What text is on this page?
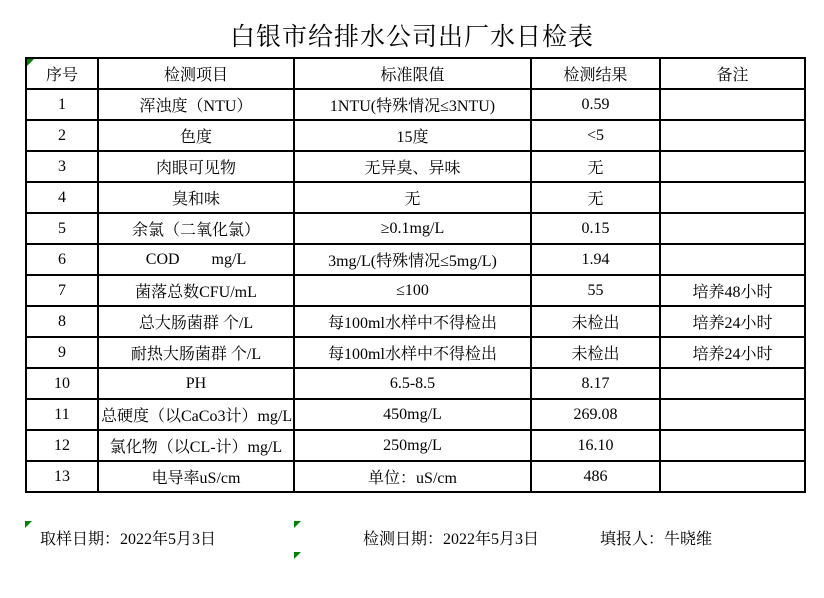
白银市给排水公司出厂水日检表
序号	检测项目	标准限值	检测结果	备注
1	浑浊度（NTU）	1NTU(特殊情况≤3NTU)	0.59	
2	色度	15度	<5	
3	肉眼可见物	无异臭、异味	无	
4	臭和味	无	无	
5	余氯（二氧化氯）	≥0.1mg/L	0.15	
6	COD        mg/L	3mg/L(特殊情况≤5mg/L)	1.94	
7	菌落总数CFU/mL	≤100	55	培养48小时
8	总大肠菌群 个/L	每100ml水样中不得检出	未检出	培养24小时
9	耐热大肠菌群 个/L	每100ml水样中不得检出	未检出	培养24小时
10	PH	6.5-8.5	8.17	
11	总硬度（以CaCo3计）mg/L	450mg/L	269.08	
12	氯化物（以CL-计）mg/L	250mg/L	16.10	
13	电导率uS/cm	单位：uS/cm	486	

取样日期：2022年5月3日

	检测日期：2022年5月3日

	填报人：牛晓维
